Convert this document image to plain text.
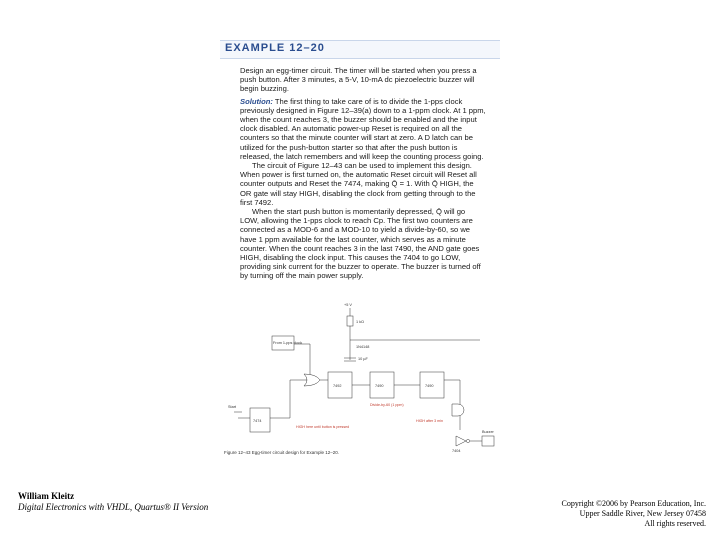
EXAMPLE 12–20

Design an egg-timer circuit. The timer will be started when you press a push button. After 3 minutes, a 5-V, 10-mA dc piezoelectric buzzer will begin buzzing.

Solution: The first thing to take care of is to divide the 1-pps clock previously designed in Figure 12–39(a) down to a 1-ppm clock. At 1 ppm, when the count reaches 3, the buzzer should be enabled and the input clock disabled. An automatic power-up Reset is required on all the counters so that the minute counter will start at zero. A D latch can be utilized for the push-button starter so that after the push button is released, the latch remembers and will keep the counting process going.

The circuit of Figure 12–43 can be used to implement this design. When power is first turned on, the automatic Reset circuit will Reset all counter outputs and Reset the 7474, making Q̄ = 1. With Q̄ HIGH, the OR gate will stay HIGH, disabling the clock from getting through to the first 7492.

When the start push button is momentarily depressed, Q̄ will go LOW, allowing the 1-pps clock to reach Cp. The first two counters are connected as a MOD-6 and a MOD-10 to yield a divide-by-60, so we have 1 ppm available for the last counter, which serves as a minute counter. When the count reaches 3 in the last 7490, the AND gate goes HIGH, disabling the clock input. This causes the 7404 to go LOW, providing sink current for the buzzer to operate. The buzzer is turned off by turning off the main power supply.

+5 V
1 kΩ
1N4148
10 µF
From 1-pps clock
7492	7490	7490
7474
7404
Buzzer
Start
HIGH here until button is pressed
Divide-by-60 (1 ppm)
HIGH after 3 min
Figure 12–43 Egg-timer circuit design for Example 12–20.
William Kleitz
Digital Electronics with VHDL, Quartus® II Version	Copyright ©2006 by Pearson Education, Inc.
Upper Saddle River, New Jersey 07458
All rights reserved.
